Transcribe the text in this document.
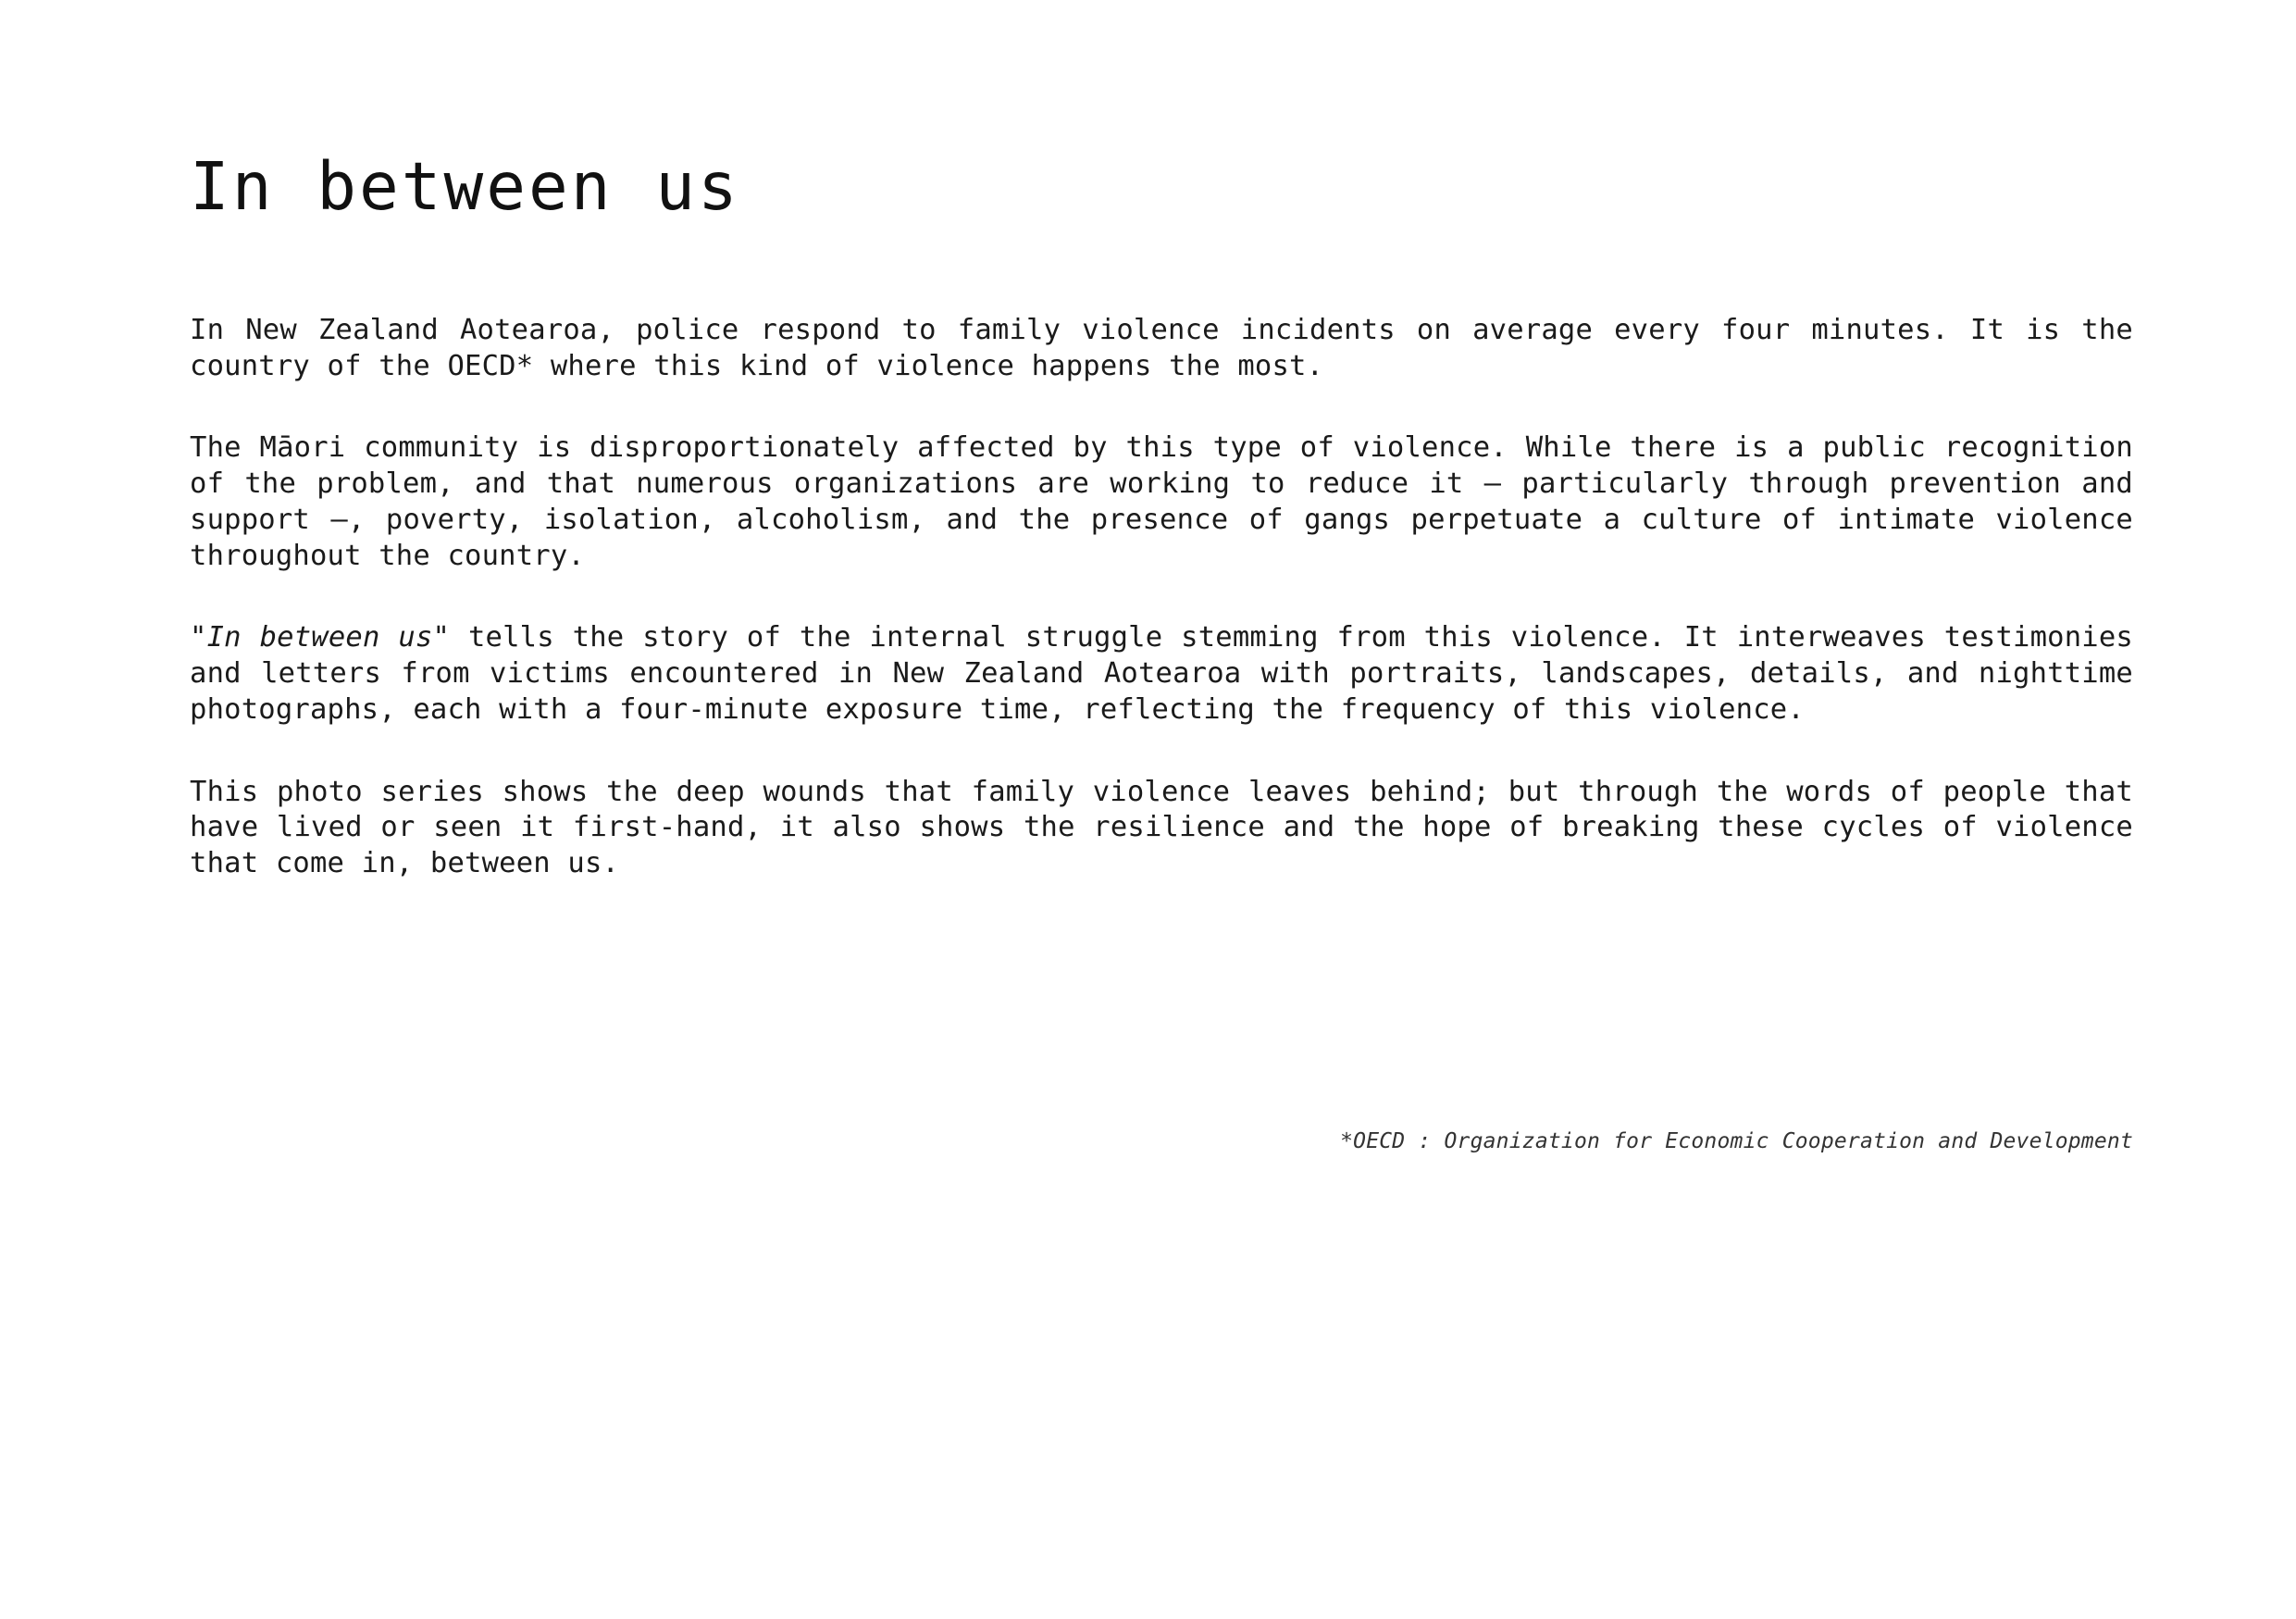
In between us

In New Zealand Aotearoa, police respond to family violence incidents on average every four minutes. It is the country of the OECD* where this kind of violence happens the most.

The Māori community is disproportionately affected by this type of violence. While there is a public recognition of the problem, and that numerous organizations are working to reduce it – particularly through prevention and support –, poverty, isolation, alcoholism, and the presence of gangs perpetuate a culture of intimate violence throughout the country.

"In between us" tells the story of the internal struggle stemming from this violence. It interweaves testimonies and letters from victims encountered in New Zealand Aotearoa with portraits, landscapes, details, and nighttime photographs, each with a four-minute exposure time, reflecting the frequency of this violence.

This photo series shows the deep wounds that family violence leaves behind; but through the words of people that have lived or seen it first-hand, it also shows the resilience and the hope of breaking these cycles of violence that come in, between us.

*OECD : Organization for Economic Cooperation and Development
